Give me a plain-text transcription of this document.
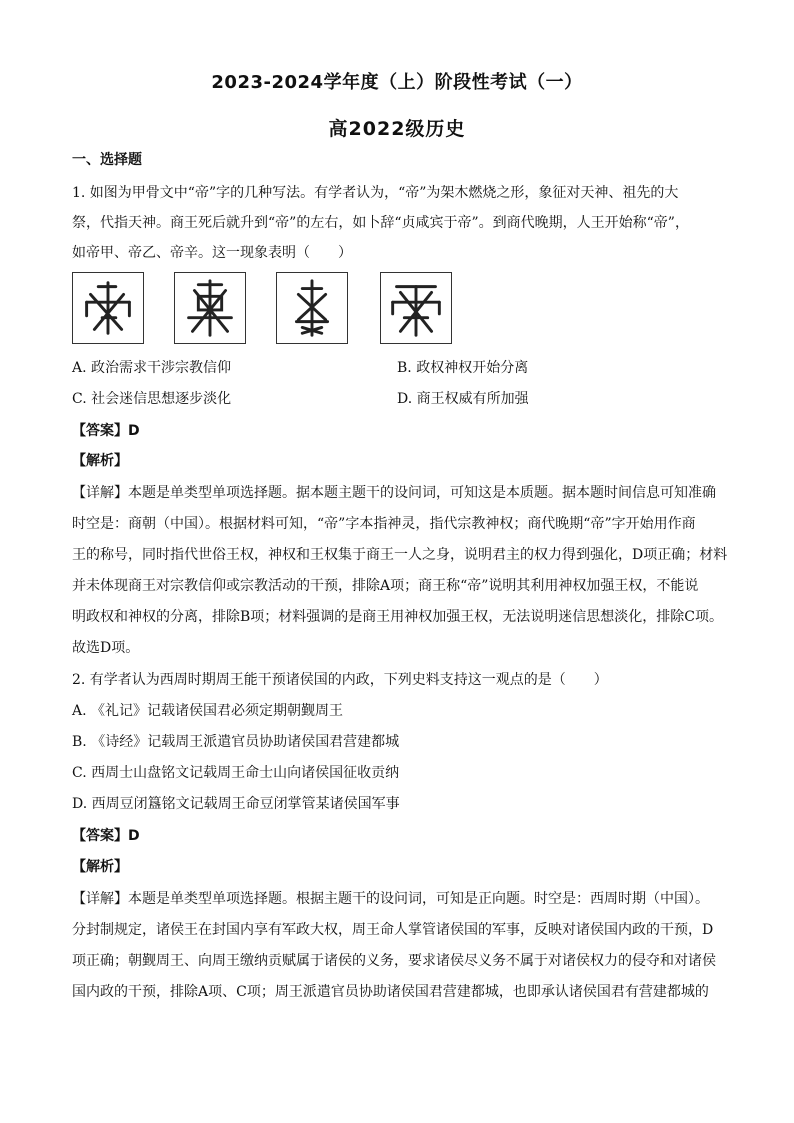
2023-2024学年度（上）阶段性考试（一）
高2022级历史
一、选择题
1. 如图为甲骨文中“帝”字的几种写法。有学者认为，“帝”为架木燃烧之形，象征对天神、祖先的大
祭，代指天神。商王死后就升到“帝”的左右，如卜辞“贞咸宾于帝”。到商代晚期，人王开始称“帝”，
如帝甲、帝乙、帝辛。这一现象表明（　　）
A. 政治需求干涉宗教信仰	B. 政权神权开始分离
C. 社会迷信思想逐步淡化	D. 商王权威有所加强
【答案】D
【解析】
【详解】本题是单类型单项选择题。据本题主题干的设问词，可知这是本质题。据本题时间信息可知准确
时空是：商朝（中国）。根据材料可知，“帝”字本指神灵，指代宗教神权；商代晚期“帝”字开始用作商
王的称号，同时指代世俗王权，神权和王权集于商王一人之身，说明君主的权力得到强化，D项正确；材料
并未体现商王对宗教信仰或宗教活动的干预，排除A项；商王称“帝”说明其利用神权加强王权，不能说
明政权和神权的分离，排除B项；材料强调的是商王用神权加强王权，无法说明迷信思想淡化，排除C项。
故选D项。
2. 有学者认为西周时期周王能干预诸侯国的内政，下列史料支持这一观点的是（　　）
A. 《礼记》记载诸侯国君必须定期朝觐周王
B. 《诗经》记载周王派遣官员协助诸侯国君营建都城
C. 西周士山盘铭文记载周王命士山向诸侯国征收贡纳
D. 西周豆闭簋铭文记载周王命豆闭掌管某诸侯国军事
【答案】D
【解析】
【详解】本题是单类型单项选择题。根据主题干的设问词，可知是正向题。时空是：西周时期（中国）。
分封制规定，诸侯王在封国内享有军政大权，周王命人掌管诸侯国的军事，反映对诸侯国内政的干预，D
项正确；朝觐周王、向周王缴纳贡赋属于诸侯的义务，要求诸侯尽义务不属于对诸侯权力的侵夺和对诸侯
国内政的干预，排除A项、C项；周王派遣官员协助诸侯国君营建都城，也即承认诸侯国君有营建都城的
